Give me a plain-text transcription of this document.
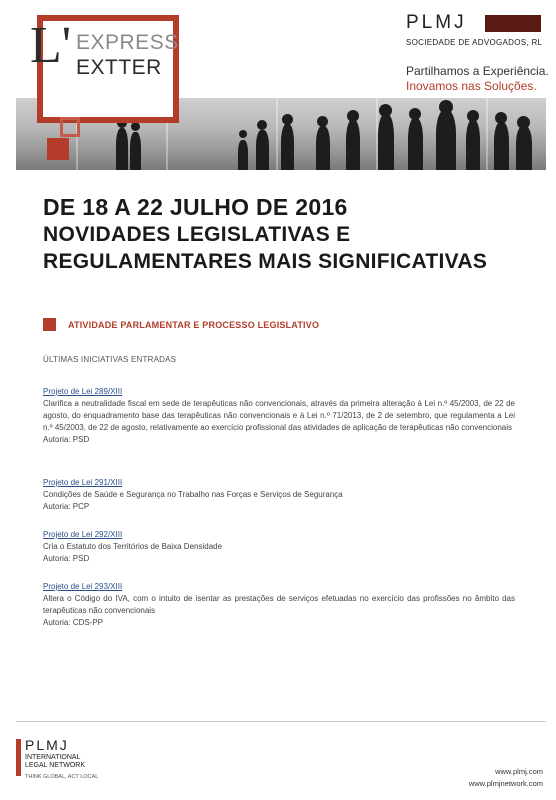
L' EXPRESS
EXTTER
PLMJ
SOCIEDADE DE ADVOGADOS, RL
Partilhamos a Experiência.
Inovamos nas Soluções.
DE 18 A 22 JULHO DE 2016
NOVIDADES LEGISLATIVAS E
REGULAMENTARES MAIS SIGNIFICATIVAS
ATIVIDADE PARLAMENTAR E PROCESSO LEGISLATIVO
ÚLTIMAS INICIATIVAS ENTRADAS
Projeto de Lei 289/XIII
Clarifica a neutralidade fiscal em sede de terapêuticas não convencionais, através da primeira alteração à Lei n.º 45/2003, de 22 de agosto, do enquadramento base das terapêuticas não convencionais e à Lei n.º 71/2013, de 2 de setembro, que regulamenta a Lei n.º 45/2003, de 22 de agosto, relativamente ao exercício profissional das atividades de aplicação de terapêuticas não convencionais
Autoria: PSD
Projeto de Lei 291/XIII
Condições de Saúde e Segurança no Trabalho nas Forças e Serviços de Segurança
Autoria: PCP
Projeto de Lei 292/XIII
Cria o Estatuto dos Territórios de Baixa Densidade
Autoria: PSD
Projeto de Lei 293/XIII
Altera o Código do IVA, com o intuito de isentar as prestações de serviços efetuadas no exercício das profissões no âmbito das terapêuticas não convencionais
Autoria: CDS-PP
PLMJ
INTERNATIONAL
LEGAL NETWORK
THINK GLOBAL, ACT LOCAL
www.plmj.com
www.plmjnetwork.com
